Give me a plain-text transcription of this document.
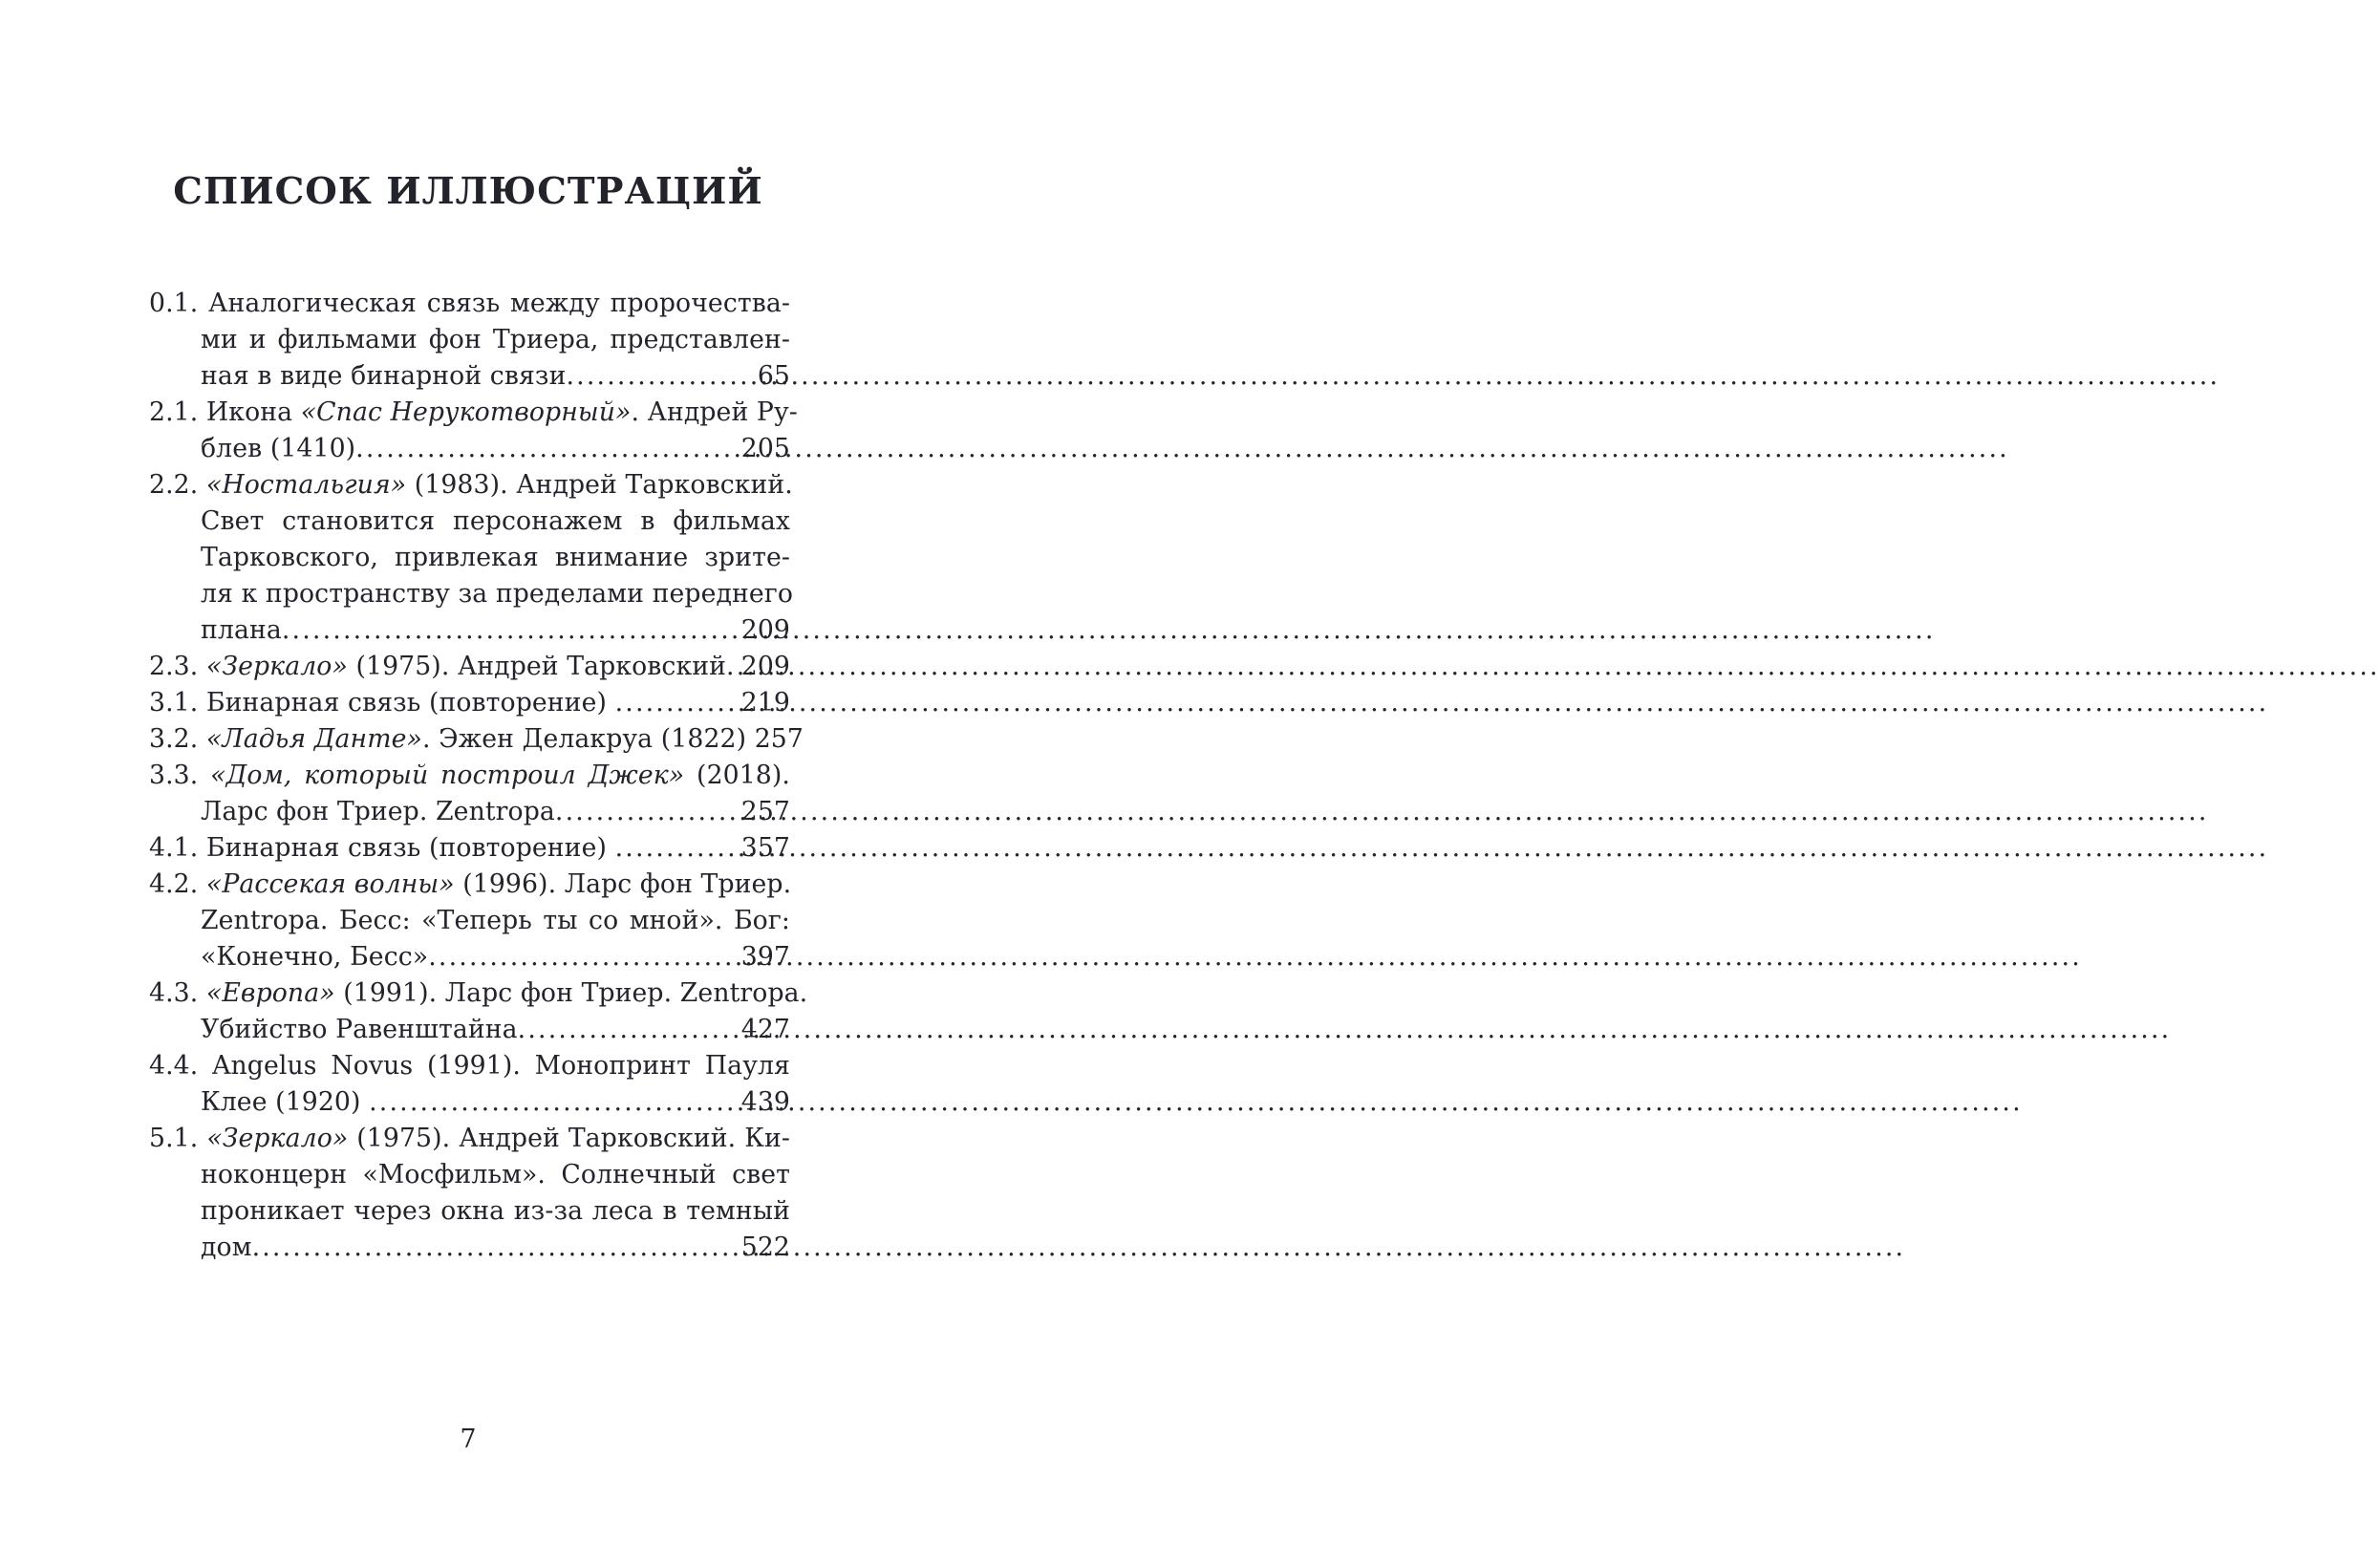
СПИСОК ИЛЛЮСТРАЦИЙ
0.1. Аналогическая связь между пророчества-
ми и фильмами фон Триера, представлен-
ная в виде бинарной связи .....	65
2.1. Икона «Спас Нерукотворный». Андрей Ру-
блев (1410) .....	205
2.2. «Ностальгия» (1983). Андрей Тарковский.
Свет становится персонажем в фильмах
Тарковского, привлекая внимание зрите-
ля к пространству за пределами переднего
плана .....	209
2.3. «Зеркало» (1975). Андрей Тарковский ..... 209
3.1. Бинарная связь (повторение) .....	219
3.2. «Ладья Данте». Эжен Делакруа (1822) 257
3.3. «Дом, который построил Джек» (2018).
Ларс фон Триер. Zentropa .....	257
4.1. Бинарная связь (повторение) .....	357
4.2. «Рассекая волны» (1996). Ларс фон Триер.
Zentropa. Бесс: «Теперь ты со мной». Бог:
«Конечно, Бесс» .....	397
4.3. «Европа» (1991). Ларс фон Триер. Zentropa.
Убийство Равенштайна .....	427
4.4. Angelus Novus (1991). Монопринт Пауля
Клее (1920) .....	439
5.1. «Зеркало» (1975). Андрей Тарковский. Ки-
ноконцерн «Мосфильм». Солнечный свет
проникает через окна из-за леса в темный
дом .....	522
7
